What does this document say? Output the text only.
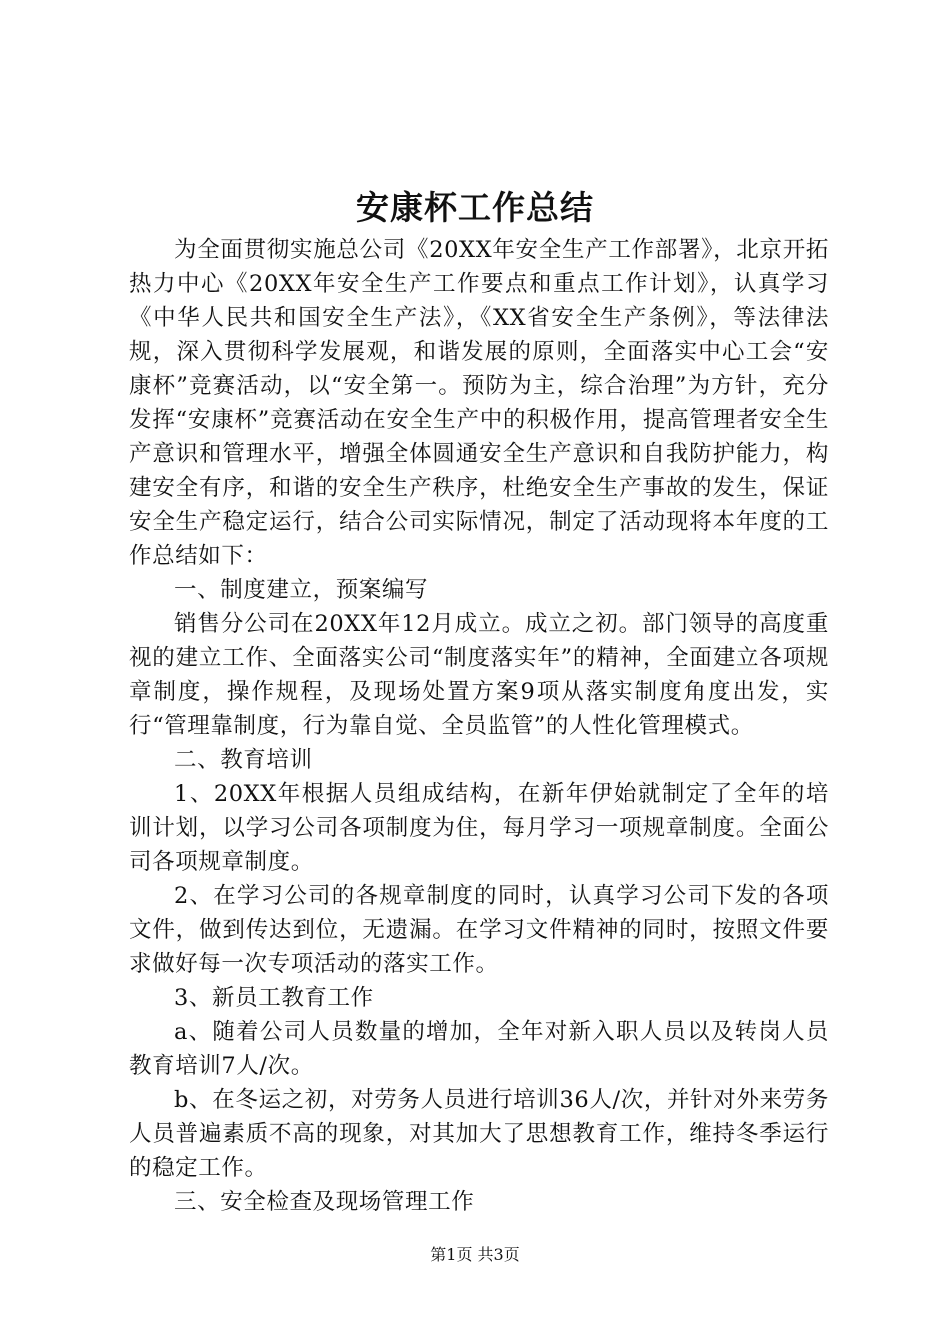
安康杯工作总结

为全面贯彻实施总公司《20XX年安全生产工作部署》，北京开拓热力中心《20XX年安全生产工作要点和重点工作计划》，认真学习《中华人民共和国安全生产法》，《XX省安全生产条例》，等法律法规，深入贯彻科学发展观，和谐发展的原则，全面落实中心工会“安康杯”竞赛活动，以“安全第一。预防为主，综合治理”为方针，充分发挥“安康杯”竞赛活动在安全生产中的积极作用，提高管理者安全生产意识和管理水平，增强全体圆通安全生产意识和自我防护能力，构建安全有序，和谐的安全生产秩序，杜绝安全生产事故的发生，保证安全生产稳定运行，结合公司实际情况，制定了活动现将本年度的工作总结如下：

一、制度建立，预案编写

销售分公司在20XX年12月成立。成立之初。部门领导的高度重视的建立工作、全面落实公司“制度落实年”的精神，全面建立各项规章制度，操作规程，及现场处置方案9项从落实制度角度出发，实行“管理靠制度，行为靠自觉、全员监管”的人性化管理模式。

二、教育培训

1、20XX年根据人员组成结构，在新年伊始就制定了全年的培训计划，以学习公司各项制度为住，每月学习一项规章制度。全面公司各项规章制度。

2、在学习公司的各规章制度的同时，认真学习公司下发的各项文件，做到传达到位，无遗漏。在学习文件精神的同时，按照文件要求做好每一次专项活动的落实工作。

3、新员工教育工作

a、随着公司人员数量的增加，全年对新入职人员以及转岗人员教育培训7人/次。

b、在冬运之初，对劳务人员进行培训36人/次，并针对外来劳务人员普遍素质不高的现象，对其加大了思想教育工作，维持冬季运行的稳定工作。

三、安全检查及现场管理工作

第1页 共3页
